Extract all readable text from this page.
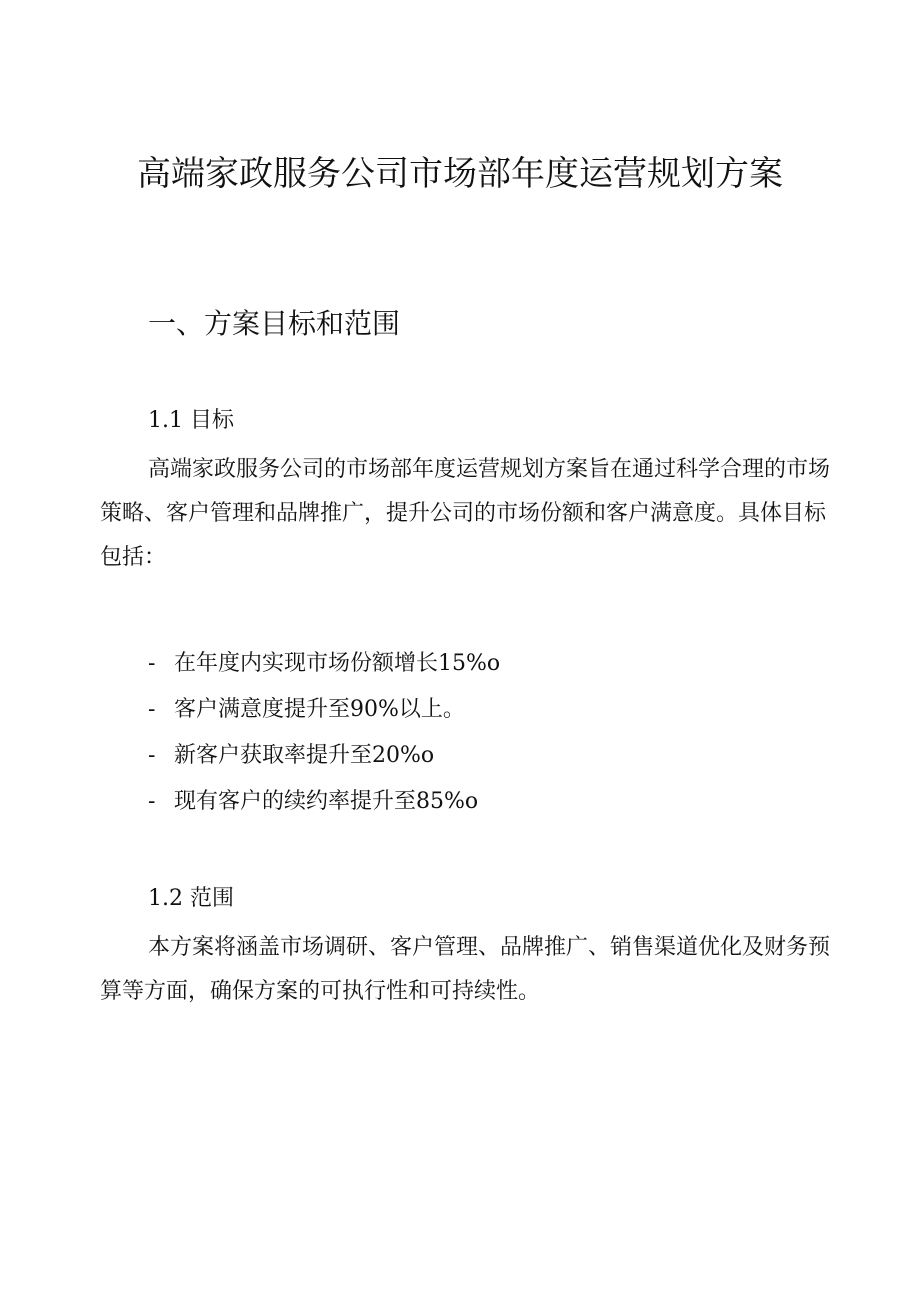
高端家政服务公司市场部年度运营规划方案
一、方案目标和范围
1.1 目标

高端家政服务公司的市场部年度运营规划方案旨在通过科学合理的市场策略、客户管理和品牌推广，提升公司的市场份额和客户满意度。具体目标包括：

- 在年度内实现市场份额增长15%o
- 客户满意度提升至90%以上。
- 新客户获取率提升至20%o
- 现有客户的续约率提升至85%o
1.2 范围

本方案将涵盖市场调研、客户管理、品牌推广、销售渠道优化及财务预算等方面，确保方案的可执行性和可持续性。
